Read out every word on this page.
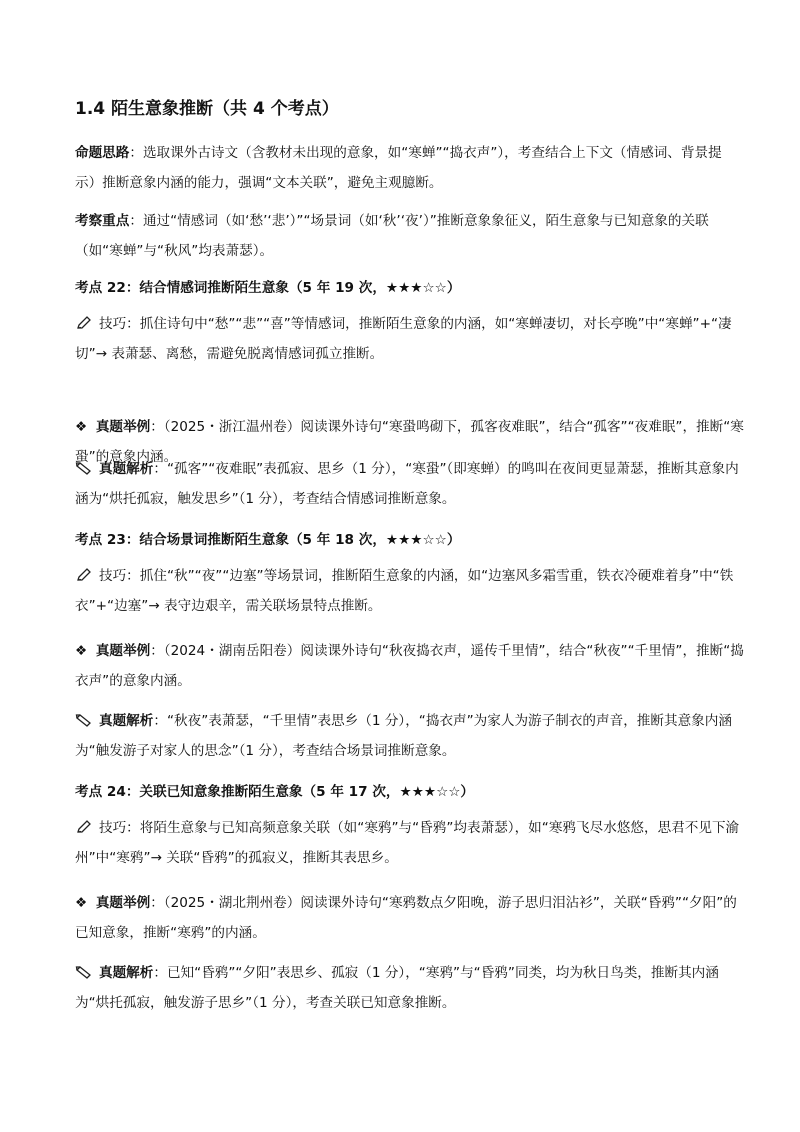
1.4 陌生意象推断（共 4 个考点）
命题思路：选取课外古诗文（含教材未出现的意象，如“寒蝉”“捣衣声”），考查结合上下文（情感词、背景提示）推断意象内涵的能力，强调“文本关联”，避免主观臆断。
考察重点：通过“情感词（如‘愁’‘悲’）”“场景词（如‘秋’‘夜’）”推断意象象征义，陌生意象与已知意象的关联（如“寒蝉”与“秋风”均表萧瑟）。
考点 22：结合情感词推断陌生意象（5 年 19 次，★★★☆☆）
技巧：抓住诗句中“愁”“悲”“喜”等情感词，推断陌生意象的内涵，如“寒蝉凄切，对长亭晚”中“寒蝉”+“凄切”→ 表萧瑟、离愁，需避免脱离情感词孤立推断。
❖ 真题举例：（2025・浙江温州卷）阅读课外诗句“寒蛩鸣砌下，孤客夜难眠”，结合“孤客”“夜难眠”，推断“寒蛩”的意象内涵。
真题解析：“孤客”“夜难眠”表孤寂、思乡（1 分），“寒蛩”（即寒蝉）的鸣叫在夜间更显萧瑟，推断其意象内涵为“烘托孤寂，触发思乡”（1 分），考查结合情感词推断意象。
考点 23：结合场景词推断陌生意象（5 年 18 次，★★★☆☆）
技巧：抓住“秋”“夜”“边塞”等场景词，推断陌生意象的内涵，如“边塞风多霜雪重，铁衣冷硬难着身”中“铁衣”+“边塞”→ 表守边艰辛，需关联场景特点推断。
❖ 真题举例：（2024・湖南岳阳卷）阅读课外诗句“秋夜捣衣声，遥传千里情”，结合“秋夜”“千里情”，推断“捣衣声”的意象内涵。
真题解析：“秋夜”表萧瑟，“千里情”表思乡（1 分），“捣衣声”为家人为游子制衣的声音，推断其意象内涵为“触发游子对家人的思念”（1 分），考查结合场景词推断意象。
考点 24：关联已知意象推断陌生意象（5 年 17 次，★★★☆☆）
技巧：将陌生意象与已知高频意象关联（如“寒鸦”与“昏鸦”均表萧瑟），如“寒鸦飞尽水悠悠，思君不见下渝州”中“寒鸦”→ 关联“昏鸦”的孤寂义，推断其表思乡。
❖ 真题举例：（2025・湖北荆州卷）阅读课外诗句“寒鸦数点夕阳晚，游子思归泪沾衫”，关联“昏鸦”“夕阳”的已知意象，推断“寒鸦”的内涵。
真题解析：已知“昏鸦”“夕阳”表思乡、孤寂（1 分），“寒鸦”与“昏鸦”同类，均为秋日鸟类，推断其内涵为“烘托孤寂，触发游子思乡”（1 分），考查关联已知意象推断。
